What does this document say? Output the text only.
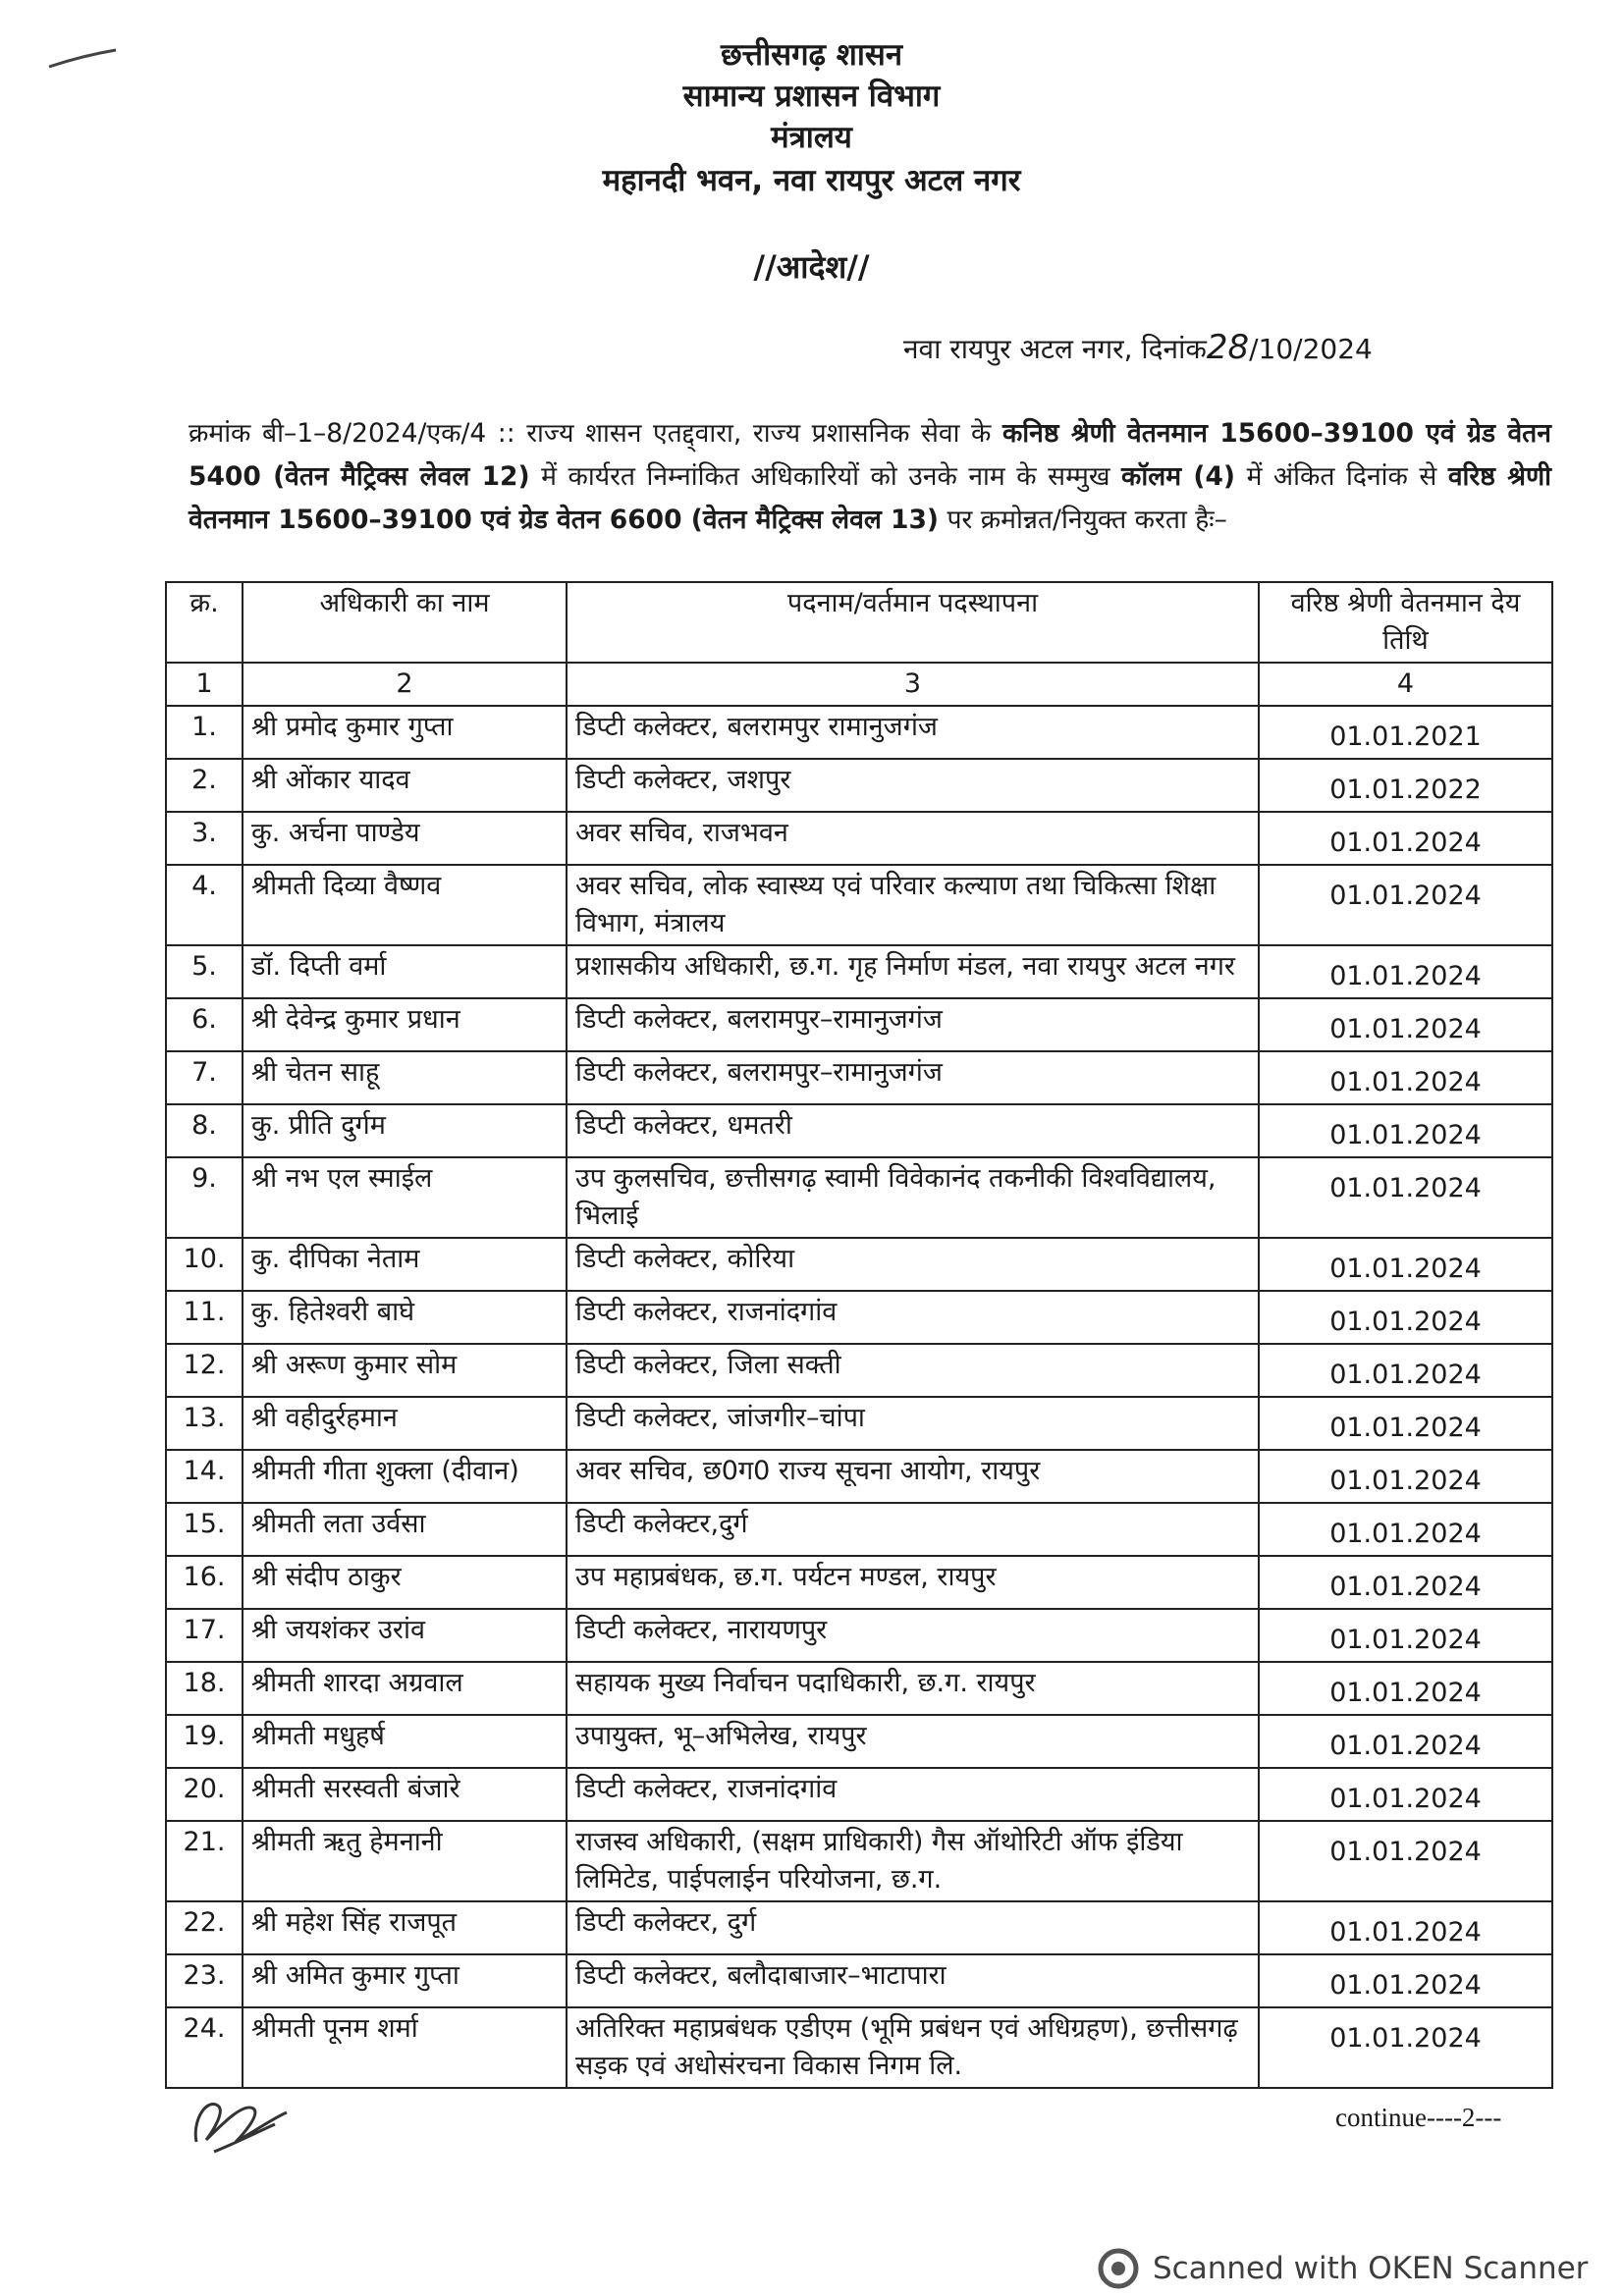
छत्तीसगढ़ शासन
सामान्य प्रशासन विभाग
मंत्रालय
महानदी भवन, नवा रायपुर अटल नगर
//आदेश//
नवा रायपुर अटल नगर, दिनांक28/10/2024
क्रमांक बी–1–8/2024/एक/4 :: राज्य शासन एतद्द्वारा, राज्य प्रशासनिक सेवा के कनिष्ठ श्रेणी वेतनमान 15600–39100 एवं ग्रेड वेतन 5400 (वेतन मैट्रिक्स लेवल 12) में कार्यरत निम्नांकित अधिकारियों को उनके नाम के सम्मुख कॉलम (4) में अंकित दिनांक से वरिष्ठ श्रेणी वेतनमान 15600–39100 एवं ग्रेड वेतन 6600 (वेतन मैट्रिक्स लेवल 13) पर क्रमोन्नत/नियुक्त करता हैः–
क्र.	अधिकारी का नाम	पदनाम/वर्तमान पदस्थापना	वरिष्ठ श्रेणी वेतनमान देय तिथि
1	2	3	4
1.	श्री प्रमोद कुमार गुप्ता	डिप्टी कलेक्टर, बलरामपुर रामानुजगंज	01.01.2021
2.	श्री ओंकार यादव	डिप्टी कलेक्टर, जशपुर	01.01.2022
3.	कु. अर्चना पाण्डेय	अवर सचिव, राजभवन	01.01.2024
4.	श्रीमती दिव्या वैष्णव	अवर सचिव, लोक स्वास्थ्य एवं परिवार कल्याण तथा चिकित्सा शिक्षा विभाग, मंत्रालय	01.01.2024
5.	डॉ. दिप्ती वर्मा	प्रशासकीय अधिकारी, छ.ग. गृह निर्माण मंडल, नवा रायपुर अटल नगर	01.01.2024
6.	श्री देवेन्द्र कुमार प्रधान	डिप्टी कलेक्टर, बलरामपुर–रामानुजगंज	01.01.2024
7.	श्री चेतन साहू	डिप्टी कलेक्टर, बलरामपुर–रामानुजगंज	01.01.2024
8.	कु. प्रीति दुर्गम	डिप्टी कलेक्टर, धमतरी	01.01.2024
9.	श्री नभ एल स्माईल	उप कुलसचिव, छत्तीसगढ़ स्वामी विवेकानंद तकनीकी विश्वविद्यालय, भिलाई	01.01.2024
10.	कु. दीपिका नेताम	डिप्टी कलेक्टर, कोरिया	01.01.2024
11.	कु. हितेश्वरी बाघे	डिप्टी कलेक्टर, राजनांदगांव	01.01.2024
12.	श्री अरूण कुमार सोम	डिप्टी कलेक्टर, जिला सक्ती	01.01.2024
13.	श्री वहीदुर्रहमान	डिप्टी कलेक्टर, जांजगीर–चांपा	01.01.2024
14.	श्रीमती गीता शुक्ला (दीवान)	अवर सचिव, छ0ग0 राज्य सूचना आयोग, रायपुर	01.01.2024
15.	श्रीमती लता उर्वसा	डिप्टी कलेक्टर,दुर्ग	01.01.2024
16.	श्री संदीप ठाकुर	उप महाप्रबंधक, छ.ग. पर्यटन मण्डल, रायपुर	01.01.2024
17.	श्री जयशंकर उरांव	डिप्टी कलेक्टर, नारायणपुर	01.01.2024
18.	श्रीमती शारदा अग्रवाल	सहायक मुख्य निर्वाचन पदाधिकारी, छ.ग. रायपुर	01.01.2024
19.	श्रीमती मधुहर्ष	उपायुक्त, भू–अभिलेख, रायपुर	01.01.2024
20.	श्रीमती सरस्वती बंजारे	डिप्टी कलेक्टर, राजनांदगांव	01.01.2024
21.	श्रीमती ऋतु हेमनानी	राजस्व अधिकारी, (सक्षम प्राधिकारी) गैस ऑथोरिटी ऑफ इंडिया लिमिटेड, पाईपलाईन परियोजना, छ.ग.	01.01.2024
22.	श्री महेश सिंह राजपूत	डिप्टी कलेक्टर, दुर्ग	01.01.2024
23.	श्री अमित कुमार गुप्ता	डिप्टी कलेक्टर, बलौदाबाजार–भाटापारा	01.01.2024
24.	श्रीमती पूनम शर्मा	अतिरिक्त महाप्रबंधक एडीएम (भूमि प्रबंधन एवं अधिग्रहण), छत्तीसगढ़ सड़क एवं अधोसंरचना विकास निगम लि.	01.01.2024
continue----2---
Scanned with OKEN Scanner
